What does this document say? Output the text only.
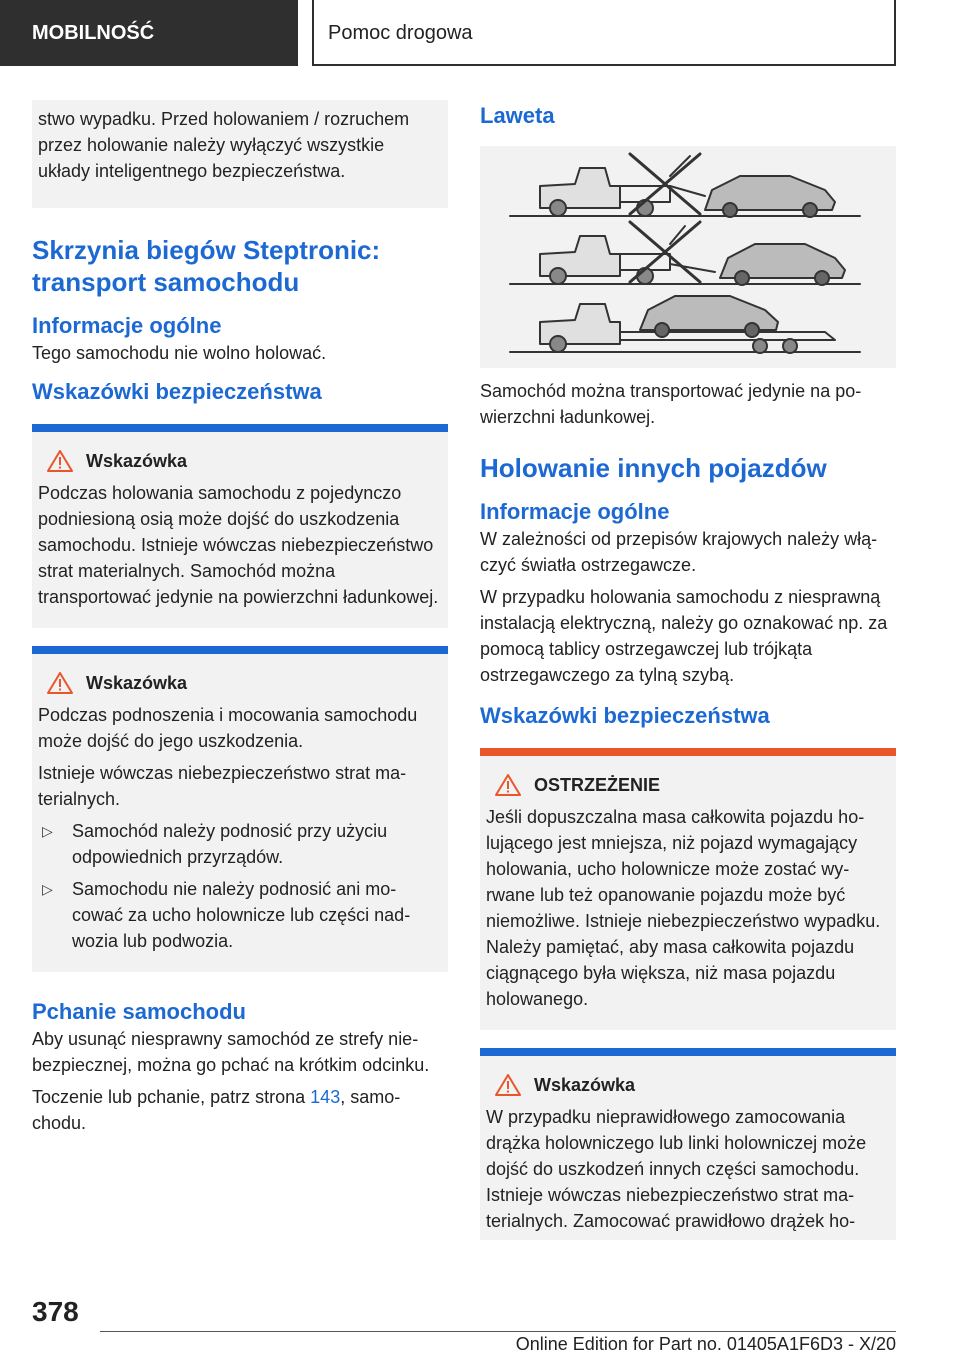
MOBILNOŚĆ	Pomoc drogowa

stwo wypadku. Przed holowaniem / rozruchem przez holowanie należy wyłączyć wszystkie układy inteligentnego bezpieczeństwa.

Skrzynia biegów Steptronic: transport samochodu
Informacje ogólne

Tego samochodu nie wolno holować.

Wskazówki bezpieczeństwa
Wskazówka

Podczas holowania samochodu z pojedynczo podniesioną osią może dojść do uszkodzenia samochodu. Istnieje wówczas niebezpieczeństwo strat materialnych. Samochód można transportować jedynie na powierzchni ładunkowej.

Wskazówka

Podczas podnoszenia i mocowania samochodu może dojść do jego uszkodzenia.

Istnieje wówczas niebezpieczeństwo strat materialnych.

▷	Samochód należy podnosić przy użyciu odpowiednich przyrządów.
▷	Samochodu nie należy podnosić ani mocować za ucho holownicze lub części nadwozia lub podwozia.
Pchanie samochodu

Aby usunąć niesprawny samochód ze strefy niebezpiecznej, można go pchać na krótkim odcinku.

Toczenie lub pchanie, patrz strona 143, samochodu.

Laweta

Samochód można transportować jedynie na powierzchni ładunkowej.

Holowanie innych pojazdów
Informacje ogólne

W zależności od przepisów krajowych należy włączyć światła ostrzegawcze.

W przypadku holowania samochodu z niesprawną instalacją elektryczną, należy go oznakować np. za pomocą tablicy ostrzegawczej lub trójkąta ostrzegawczego za tylną szybą.

Wskazówki bezpieczeństwa
OSTRZEŻENIE

Jeśli dopuszczalna masa całkowita pojazdu holującego jest mniejsza, niż pojazd wymagający holowania, ucho holownicze może zostać wyrwane lub też opanowanie pojazdu może być niemożliwe. Istnieje niebezpieczeństwo wypadku. Należy pamiętać, aby masa całkowita pojazdu ciągnącego była większa, niż masa pojazdu holowanego.

Wskazówka

W przypadku nieprawidłowego zamocowania drążka holowniczego lub linki holowniczej może dojść do uszkodzeń innych części samochodu. Istnieje wówczas niebezpieczeństwo strat materialnych. Zamocować prawidłowo drążek ho-

378
Online Edition for Part no. 01405A1F6D3 - X/20
